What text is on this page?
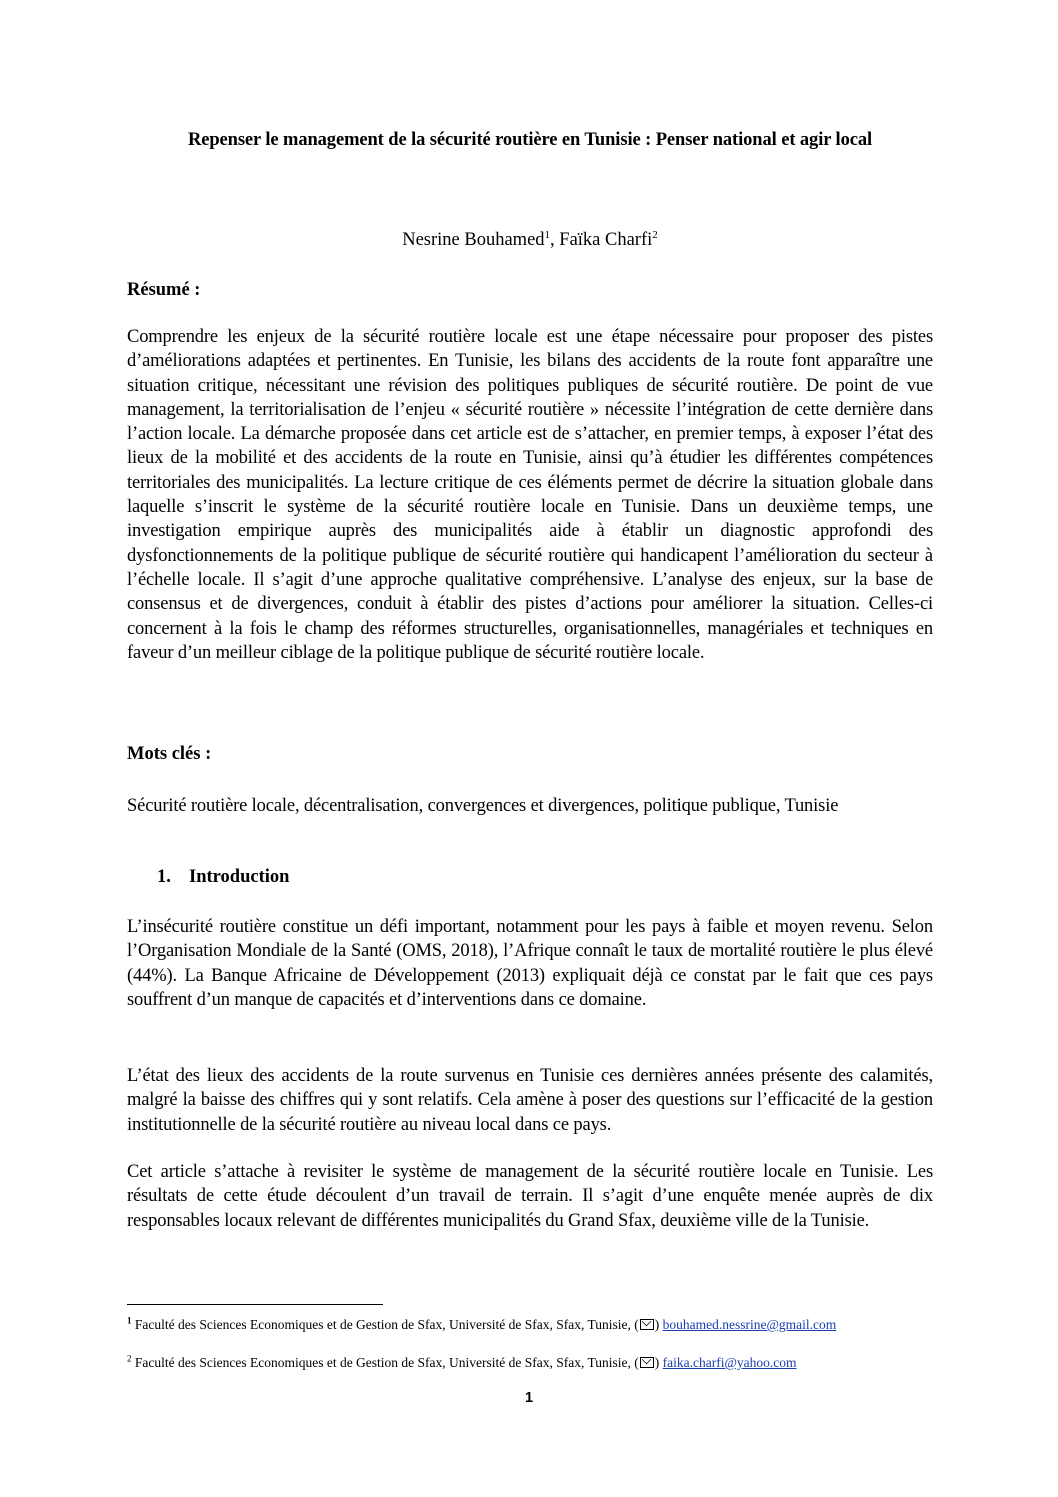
Repenser le management de la sécurité routière en Tunisie : Penser national et agir local
Nesrine Bouhamed$^1$, Faïka Charfi$^2$
Résumé :
Comprendre les enjeux de la sécurité routière locale est une étape nécessaire pour proposer des pistes d’améliorations adaptées et pertinentes. En Tunisie, les bilans des accidents de la route font apparaître une situation critique, nécessitant une révision des politiques publiques de sécurité routière. De point de vue management, la territorialisation de l’enjeu « sécurité routière » nécessite l’intégration de cette dernière dans l’action locale. La démarche proposée dans cet article est de s’attacher, en premier temps, à exposer l’état des lieux de la mobilité et des accidents de la route en Tunisie, ainsi qu’à étudier les différentes compétences territoriales des municipalités. La lecture critique de ces éléments permet de décrire la situation globale dans laquelle s’inscrit le système de la sécurité routière locale en Tunisie. Dans un deuxième temps, une investigation empirique auprès des municipalités aide à établir un diagnostic approfondi des dysfonctionnements de la politique publique de sécurité routière qui handicapent l’amélioration du secteur à l’échelle locale. Il s’agit d’une approche qualitative compréhensive. L’analyse des enjeux, sur la base de consensus et de divergences, conduit à établir des pistes d’actions pour améliorer la situation. Celles-ci concernent à la fois le champ des réformes structurelles, organisationnelles, managériales et techniques en faveur d’un meilleur ciblage de la politique publique de sécurité routière locale.
Mots clés :
Sécurité routière locale, décentralisation, convergences et divergences, politique publique, Tunisie
1. Introduction
L’insécurité routière constitue un défi important, notamment pour les pays à faible et moyen revenu. Selon l’Organisation Mondiale de la Santé (OMS, 2018), l’Afrique connaît le taux de mortalité routière le plus élevé (44%). La Banque Africaine de Développement (2013) expliquait déjà ce constat par le fait que ces pays souffrent d’un manque de capacités et d’interventions dans ce domaine.
L’état des lieux des accidents de la route survenus en Tunisie ces dernières années présente des calamités, malgré la baisse des chiffres qui y sont relatifs. Cela amène à poser des questions sur l’efficacité de la gestion institutionnelle de la sécurité routière au niveau local dans ce pays.
Cet article s’attache à revisiter le système de management de la sécurité routière locale en Tunisie. Les résultats de cette étude découlent d’un travail de terrain. Il s’agit d’une enquête menée auprès de dix responsables locaux relevant de différentes municipalités du Grand Sfax, deuxième ville de la Tunisie.
$^1$ Faculté des Sciences Economiques et de Gestion de Sfax, Université de Sfax, Sfax, Tunisie, ( ) bouhamed.nessrine@gmail.com
$^2$ Faculté des Sciences Economiques et de Gestion de Sfax, Université de Sfax, Sfax, Tunisie, ( ) faika.charfi@yahoo.com
1
